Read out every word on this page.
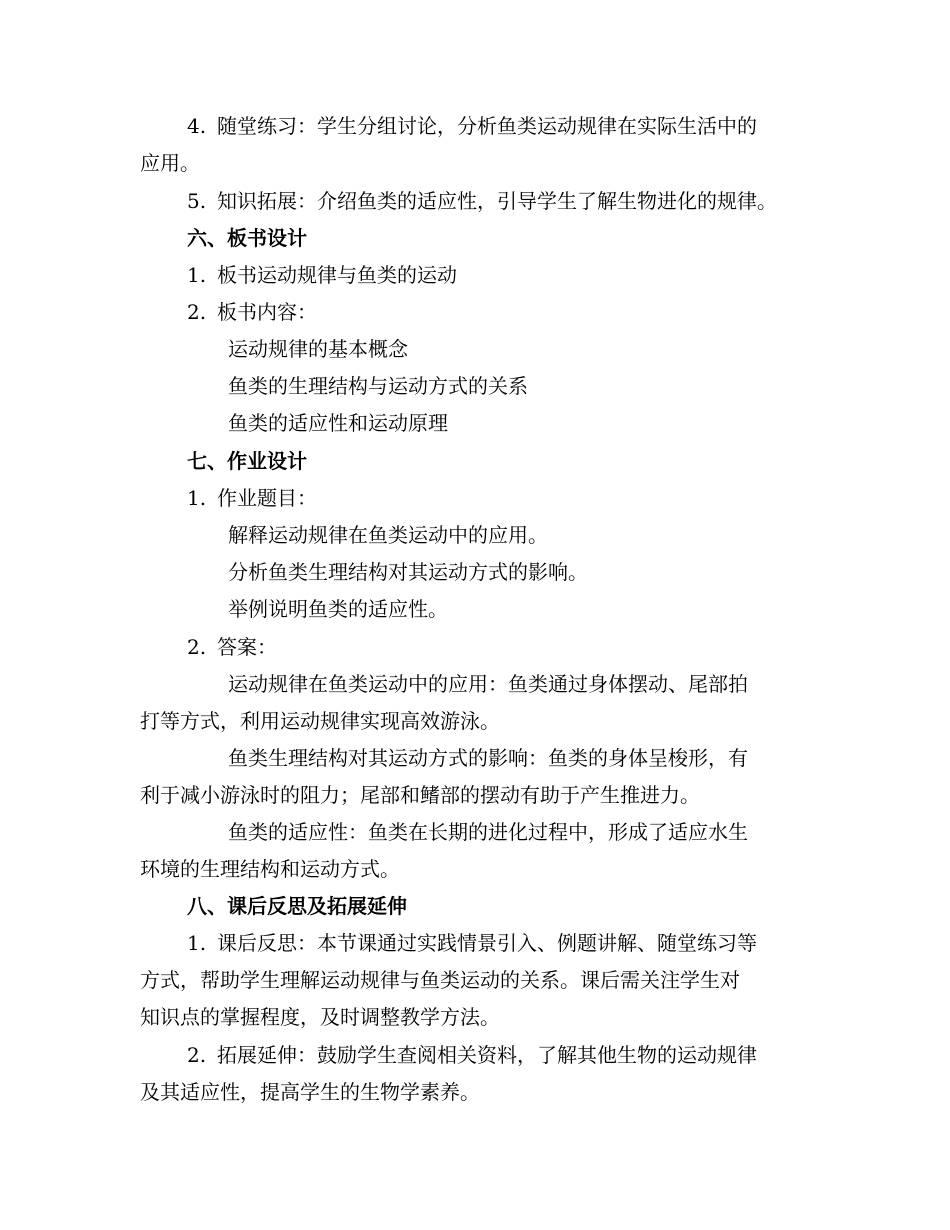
4. 随堂练习：学生分组讨论，分析鱼类运动规律在实际生活中的
应用。
5. 知识拓展：介绍鱼类的适应性，引导学生了解生物进化的规律。
六、板书设计
1. 板书运动规律与鱼类的运动
2. 板书内容：
运动规律的基本概念
鱼类的生理结构与运动方式的关系
鱼类的适应性和运动原理
七、作业设计
1. 作业题目：
解释运动规律在鱼类运动中的应用。
分析鱼类生理结构对其运动方式的影响。
举例说明鱼类的适应性。
2. 答案：
运动规律在鱼类运动中的应用：鱼类通过身体摆动、尾部拍
打等方式，利用运动规律实现高效游泳。
鱼类生理结构对其运动方式的影响：鱼类的身体呈梭形，有
利于减小游泳时的阻力；尾部和鳍部的摆动有助于产生推进力。
鱼类的适应性：鱼类在长期的进化过程中，形成了适应水生
环境的生理结构和运动方式。
八、课后反思及拓展延伸
1. 课后反思：本节课通过实践情景引入、例题讲解、随堂练习等
方式，帮助学生理解运动规律与鱼类运动的关系。课后需关注学生对
知识点的掌握程度，及时调整教学方法。
2. 拓展延伸：鼓励学生查阅相关资料，了解其他生物的运动规律
及其适应性，提高学生的生物学素养。
